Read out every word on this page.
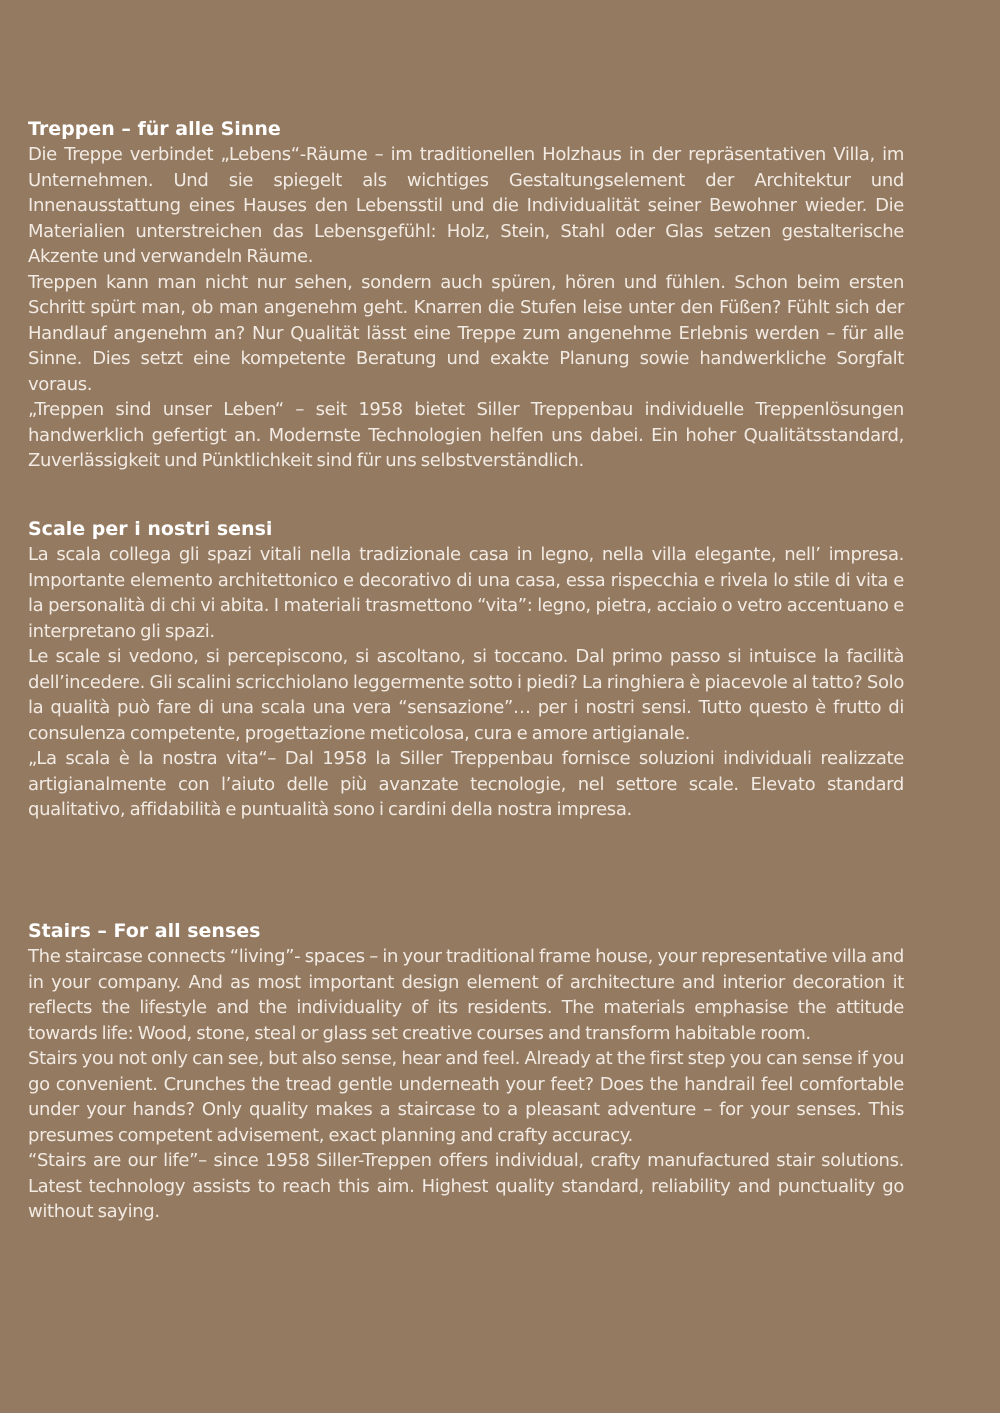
Treppen – für alle Sinne

Die Treppe verbindet „Lebens“-Räume – im traditionellen Holzhaus in der repräsentativen Villa, im Unternehmen. Und sie spiegelt als wichtiges Gestaltungselement der Architektur und Innenausstattung eines Hauses den Lebensstil und die Individualität seiner Bewohner wieder. Die Materialien unterstreichen das Lebensgefühl: Holz, Stein, Stahl oder Glas setzen gestalterische Akzente und verwandeln Räume.

Treppen kann man nicht nur sehen, sondern auch spüren, hören und fühlen. Schon beim ersten Schritt spürt man, ob man angenehm geht. Knarren die Stufen leise unter den Füßen? Fühlt sich der Handlauf angenehm an? Nur Qualität lässt eine Treppe zum angenehme Erlebnis werden – für alle Sinne. Dies setzt eine kompetente Beratung und exakte Planung sowie handwerkliche Sorgfalt voraus.

„Treppen sind unser Leben“ – seit 1958 bietet Siller Treppenbau individuelle Treppenlösungen handwerklich gefertigt an. Modernste Technologien helfen uns dabei. Ein hoher Qualitätsstandard, Zuverlässigkeit und Pünktlichkeit sind für uns selbstverständlich.

Scale per i nostri sensi

La scala collega gli spazi vitali nella tradizionale casa in legno, nella villa elegante, nell’ impresa. Importante elemento architettonico e decorativo di una casa, essa rispecchia e rivela lo stile di vita e la personalità di chi vi abita. I materiali trasmettono “vita”: legno, pietra, acciaio o vetro accentuano e interpretano gli spazi.

Le scale si vedono, si percepiscono, si ascoltano, si toccano. Dal primo passo si intuisce la facilità dell’incedere. Gli scalini scricchiolano leggermente sotto i piedi? La ringhiera è piacevole al tatto? Solo la qualità può fare di una scala una vera “sensazione”… per i nostri sensi. Tutto questo è frutto di consulenza competente, progettazione meticolosa, cura e amore artigianale.

„La scala è la nostra vita“– Dal 1958 la Siller Treppenbau fornisce soluzioni individuali realizzate artigianalmente con l’aiuto delle più avanzate tecnologie, nel settore scale. Elevato standard qualitativo, affidabilità e puntualità sono i cardini della nostra impresa.

Stairs – For all senses

The staircase connects “living”- spaces – in your traditional frame house, your representative villa and in your company. And as most important design element of architecture and interior decoration it reflects the lifestyle and the individuality of its residents. The materials emphasise the attitude towards life: Wood, stone, steal or glass set creative courses and transform habitable room.

Stairs you not only can see, but also sense, hear and feel. Already at the first step you can sense if you go convenient. Crunches the tread gentle underneath your feet? Does the handrail feel comfortable under your hands? Only quality makes a staircase to a pleasant adventure – for your senses. This presumes competent advisement, exact planning and crafty accuracy.

“Stairs are our life”– since 1958 Siller-Treppen offers individual, crafty manufactured stair solutions. Latest technology assists to reach this aim. Highest quality standard, reliability and punctuality go without saying.
